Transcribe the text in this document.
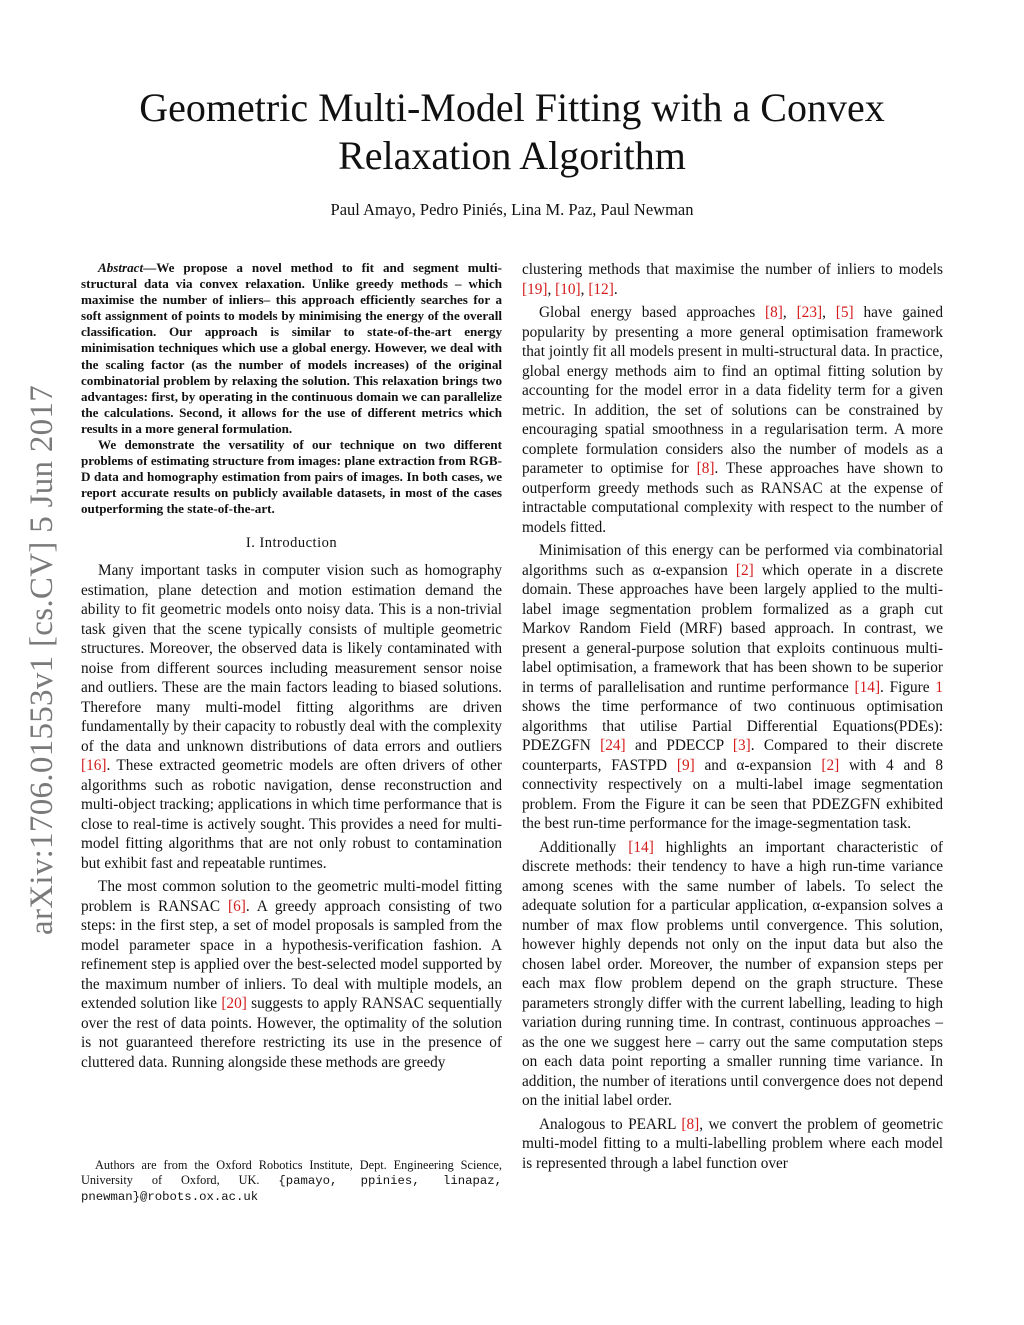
arXiv:1706.01553v1 [cs.CV] 5 Jun 2017
Geometric Multi-Model Fitting with a Convex
Relaxation Algorithm
Paul Amayo, Pedro Piniés, Lina M. Paz, Paul Newman

Abstract—We propose a novel method to fit and segment multi-structural data via convex relaxation. Unlike greedy methods – which maximise the number of inliers– this approach efficiently searches for a soft assignment of points to models by minimising the energy of the overall classification. Our approach is similar to state-of-the-art energy minimisation techniques which use a global energy. However, we deal with the scaling factor (as the number of models increases) of the original combinatorial problem by relaxing the solution. This relaxation brings two advantages: first, by operating in the continuous domain we can parallelize the calculations. Second, it allows for the use of different metrics which results in a more general formulation.

We demonstrate the versatility of our technique on two different problems of estimating structure from images: plane extraction from RGB-D data and homography estimation from pairs of images. In both cases, we report accurate results on publicly available datasets, in most of the cases outperforming the state-of-the-art.

I. Introduction

Many important tasks in computer vision such as homography estimation, plane detection and motion estimation demand the ability to fit geometric models onto noisy data. This is a non-trivial task given that the scene typically consists of multiple geometric structures. Moreover, the observed data is likely contaminated with noise from different sources including measurement sensor noise and outliers. These are the main factors leading to biased solutions. Therefore many multi-model fitting algorithms are driven fundamentally by their capacity to robustly deal with the complexity of the data and unknown distributions of data errors and outliers [16]. These extracted geometric models are often drivers of other algorithms such as robotic navigation, dense reconstruction and multi-object tracking; applications in which time performance that is close to real-time is actively sought. This provides a need for multi-model fitting algorithms that are not only robust to contamination but exhibit fast and repeatable runtimes.

The most common solution to the geometric multi-model fitting problem is RANSAC [6]. A greedy approach consisting of two steps: in the first step, a set of model proposals is sampled from the model parameter space in a hypothesis-verification fashion. A refinement step is applied over the best-selected model supported by the maximum number of inliers. To deal with multiple models, an extended solution like [20] suggests to apply RANSAC sequentially over the rest of data points. However, the optimality of the solution is not guaranteed therefore restricting its use in the presence of cluttered data. Running alongside these methods are greedy

clustering methods that maximise the number of inliers to models [19], [10], [12].

Global energy based approaches [8], [23], [5] have gained popularity by presenting a more general optimisation framework that jointly fit all models present in multi-structural data. In practice, global energy methods aim to find an optimal fitting solution by accounting for the model error in a data fidelity term for a given metric. In addition, the set of solutions can be constrained by encouraging spatial smoothness in a regularisation term. A more complete formulation considers also the number of models as a parameter to optimise for [8]. These approaches have shown to outperform greedy methods such as RANSAC at the expense of intractable computational complexity with respect to the number of models fitted.

Minimisation of this energy can be performed via combinatorial algorithms such as α-expansion [2] which operate in a discrete domain. These approaches have been largely applied to the multi-label image segmentation problem formalized as a graph cut Markov Random Field (MRF) based approach. In contrast, we present a general-purpose solution that exploits continuous multi-label optimisation, a framework that has been shown to be superior in terms of parallelisation and runtime performance [14]. Figure 1 shows the time performance of two continuous optimisation algorithms that utilise Partial Differential Equations(PDEs): PDEZGFN [24] and PDECCP [3]. Compared to their discrete counterparts, FASTPD [9] and α-expansion [2] with 4 and 8 connectivity respectively on a multi-label image segmentation problem. From the Figure it can be seen that PDEZGFN exhibited the best run-time performance for the image-segmentation task.

Additionally [14] highlights an important characteristic of discrete methods: their tendency to have a high run-time variance among scenes with the same number of labels. To select the adequate solution for a particular application, α-expansion solves a number of max flow problems until convergence. This solution, however highly depends not only on the input data but also the chosen label order. Moreover, the number of expansion steps per each max flow problem depend on the graph structure. These parameters strongly differ with the current labelling, leading to high variation during running time. In contrast, continuous approaches – as the one we suggest here – carry out the same computation steps on each data point reporting a smaller running time variance. In addition, the number of iterations until convergence does not depend on the initial label order.

Analogous to PEARL [8], we convert the problem of geometric multi-model fitting to a multi-labelling problem where each model is represented through a label function over

Authors are from the Oxford Robotics Institute, Dept. Engineering Science, University of Oxford, UK. {pamayo, ppinies, linapaz, pnewman}@robots.ox.ac.uk
